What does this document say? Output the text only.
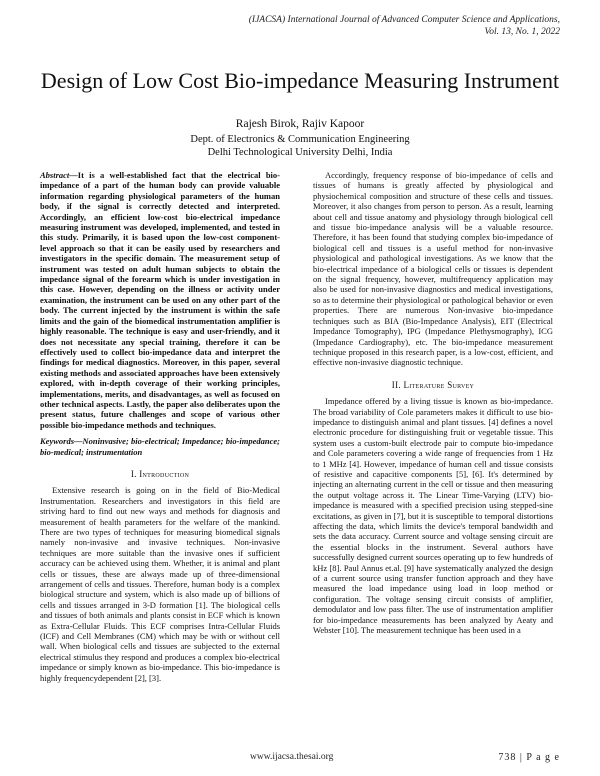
(IJACSA) International Journal of Advanced Computer Science and Applications,
Vol. 13, No. 1, 2022
Design of Low Cost Bio-impedance Measuring Instrument
Rajesh Birok, Rajiv Kapoor
Dept. of Electronics & Communication Engineering
Delhi Technological University Delhi, India

Abstract—It is a well-established fact that the electrical bio-impedance of a part of the human body can provide valuable information regarding physiological parameters of the human body, if the signal is correctly detected and interpreted. Accordingly, an efficient low-cost bio-electrical impedance measuring instrument was developed, implemented, and tested in this study. Primarily, it is based upon the low-cost component-level approach so that it can be easily used by researchers and investigators in the specific domain. The measurement setup of instrument was tested on adult human subjects to obtain the impedance signal of the forearm which is under investigation in this case. However, depending on the illness or activity under examination, the instrument can be used on any other part of the body. The current injected by the instrument is within the safe limits and the gain of the biomedical instrumentation amplifier is highly reasonable. The technique is easy and user-friendly, and it does not necessitate any special training, therefore it can be effectively used to collect bio-impedance data and interpret the findings for medical diagnostics. Moreover, in this paper, several existing methods and associated approaches have been extensively explored, with in-depth coverage of their working principles, implementations, merits, and disadvantages, as well as focused on other technical aspects. Lastly, the paper also deliberates upon the present status, future challenges and scope of various other possible bio-impedance methods and techniques.

Keywords—Noninvasive; bio-electrical; Impedance; bio-impedance; bio-medical; instrumentation

I. Introduction

Extensive research is going on in the field of Bio-Medical Instrumentation. Researchers and investigators in this field are striving hard to find out new ways and methods for diagnosis and measurement of health parameters for the welfare of the mankind. There are two types of techniques for measuring biomedical signals namely non-invasive and invasive techniques. Non-invasive techniques are more suitable than the invasive ones if sufficient accuracy can be achieved using them. Whether, it is animal and plant cells or tissues, these are always made up of three-dimensional arrangement of cells and tissues. Therefore, human body is a complex biological structure and system, which is also made up of billions of cells and tissues arranged in 3-D formation [1]. The biological cells and tissues of both animals and plants consist in ECF which is known as Extra-Cellular Fluids. This ECF comprises Intra-Cellular Fluids (ICF) and Cell Membranes (CM) which may be with or without cell wall. When biological cells and tissues are subjected to the external electrical stimulus they respond and produces a complex bio-electrical impedance or simply known as bio-impedance. This bio-impedance is highly frequencydependent [2], [3].

Accordingly, frequency response of bio-impedance of cells and tissues of humans is greatly affected by physiological and physiochemical composition and structure of these cells and tissues. Moreover, it also changes from person to person. As a result, learning about cell and tissue anatomy and physiology through biological cell and tissue bio-impedance analysis will be a valuable resource. Therefore, it has been found that studying complex bio-impedance of biological cell and tissues is a useful method for non-invasive physiological and pathological investigations. As we know that the bio-electrical impedance of a biological cells or tissues is dependent on the signal frequency, however, multifrequency application may also be used for non-invasive diagnostics and medical investigations, so as to determine their physiological or pathological behavior or even properties. There are numerous Non-invasive bio-impedance techniques such as BIA (Bio-Impedance Analysis), EIT (Electrical Impedance Tomography), IPG (Impedance Plethysmography), ICG (Impedance Cardiography), etc. The bio-impedance measurement technique proposed in this research paper, is a low-cost, efficient, and effective non-invasive diagnostic technique.

II. Literature Survey

Impedance offered by a living tissue is known as bio-impedance. The broad variability of Cole parameters makes it difficult to use bio-impedance to distinguish animal and plant tissues. [4] defines a novel electronic procedure for distinguishing fruit or vegetable tissue. This system uses a custom-built electrode pair to compute bio-impedance and Cole parameters covering a wide range of frequencies from 1 Hz to 1 MHz [4]. However, impedance of human cell and tissue consists of resistive and capacitive components [5], [6]. It's determined by injecting an alternating current in the cell or tissue and then measuring the output voltage across it. The Linear Time-Varying (LTV) bio-impedance is measured with a specified precision using stepped-sine excitations, as given in [7], but it is susceptible to temporal distortions affecting the data, which limits the device's temporal bandwidth and sets the data accuracy. Current source and voltage sensing circuit are the essential blocks in the instrument. Several authors have successfully designed current sources operating up to few hundreds of kHz [8]. Paul Annus et.al. [9] have systematically analyzed the design of a current source using transfer function approach and they have measured the load impedance using load in loop method or configuration. The voltage sensing circuit consists of amplifier, demodulator and low pass filter. The use of instrumentation amplifier for bio-impedance measurements has been analyzed by Aeaty and Webster [10]. The measurement technique has been used in a

www.ijacsa.thesai.org	738 | P a g e
